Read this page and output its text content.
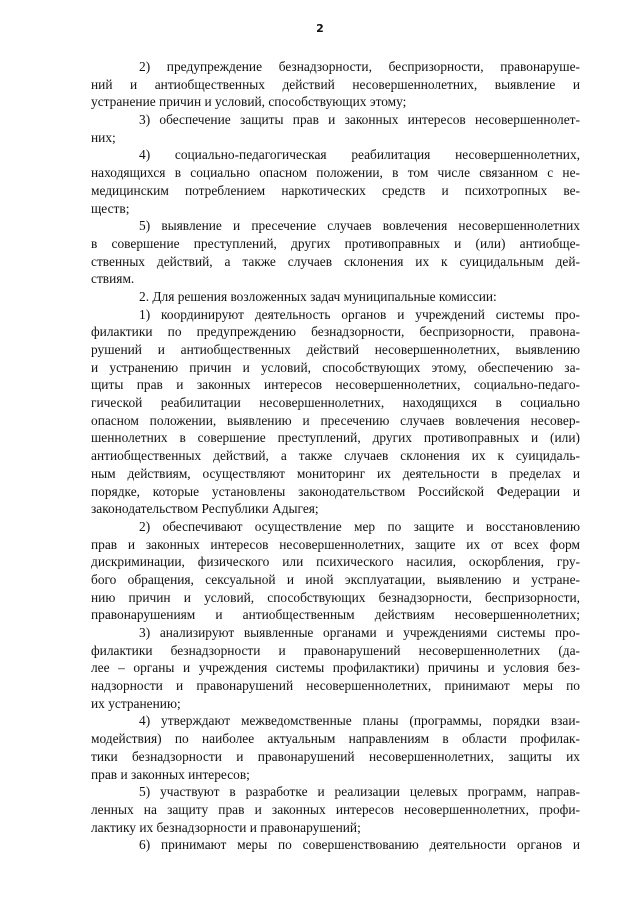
2
2) предупреждение безнадзорности, беспризорности, правонаруше-
ний и антиобщественных действий несовершеннолетних, выявление и
устранение причин и условий, способствующих этому;
3) обеспечение защиты прав и законных интересов несовершеннолет-
них;
4) социально-педагогическая реабилитация несовершеннолетних,
находящихся в социально опасном положении, в том числе связанном с не-
медицинским потреблением наркотических средств и психотропных ве-
ществ;
5) выявление и пресечение случаев вовлечения несовершеннолетних
в совершение преступлений, других противоправных и (или) антиобще-
ственных действий, а также случаев склонения их к суицидальным дей-
ствиям.
2. Для решения возложенных задач муниципальные комиссии:
1) координируют деятельность органов и учреждений системы про-
филактики по предупреждению безнадзорности, беспризорности, правона-
рушений и антиобщественных действий несовершеннолетних, выявлению
и устранению причин и условий, способствующих этому, обеспечению за-
щиты прав и законных интересов несовершеннолетних, социально-педаго-
гической реабилитации несовершеннолетних, находящихся в социально
опасном положении, выявлению и пресечению случаев вовлечения несовер-
шеннолетних в совершение преступлений, других противоправных и (или)
антиобщественных действий, а также случаев склонения их к суицидаль-
ным действиям, осуществляют мониторинг их деятельности в пределах и
порядке, которые установлены законодательством Российской Федерации и
законодательством Республики Адыгея;
2) обеспечивают осуществление мер по защите и восстановлению
прав и законных интересов несовершеннолетних, защите их от всех форм
дискриминации, физического или психического насилия, оскорбления, гру-
бого обращения, сексуальной и иной эксплуатации, выявлению и устране-
нию причин и условий, способствующих безнадзорности, беспризорности,
правонарушениям и антиобщественным действиям несовершеннолетних;
3) анализируют выявленные органами и учреждениями системы про-
филактики безнадзорности и правонарушений несовершеннолетних (да-
лее – органы и учреждения системы профилактики) причины и условия без-
надзорности и правонарушений несовершеннолетних, принимают меры по
их устранению;
4) утверждают межведомственные планы (программы, порядки взаи-
модействия) по наиболее актуальным направлениям в области профилак-
тики безнадзорности и правонарушений несовершеннолетних, защиты их
прав и законных интересов;
5) участвуют в разработке и реализации целевых программ, направ-
ленных на защиту прав и законных интересов несовершеннолетних, профи-
лактику их безнадзорности и правонарушений;
6) принимают меры по совершенствованию деятельности органов и
